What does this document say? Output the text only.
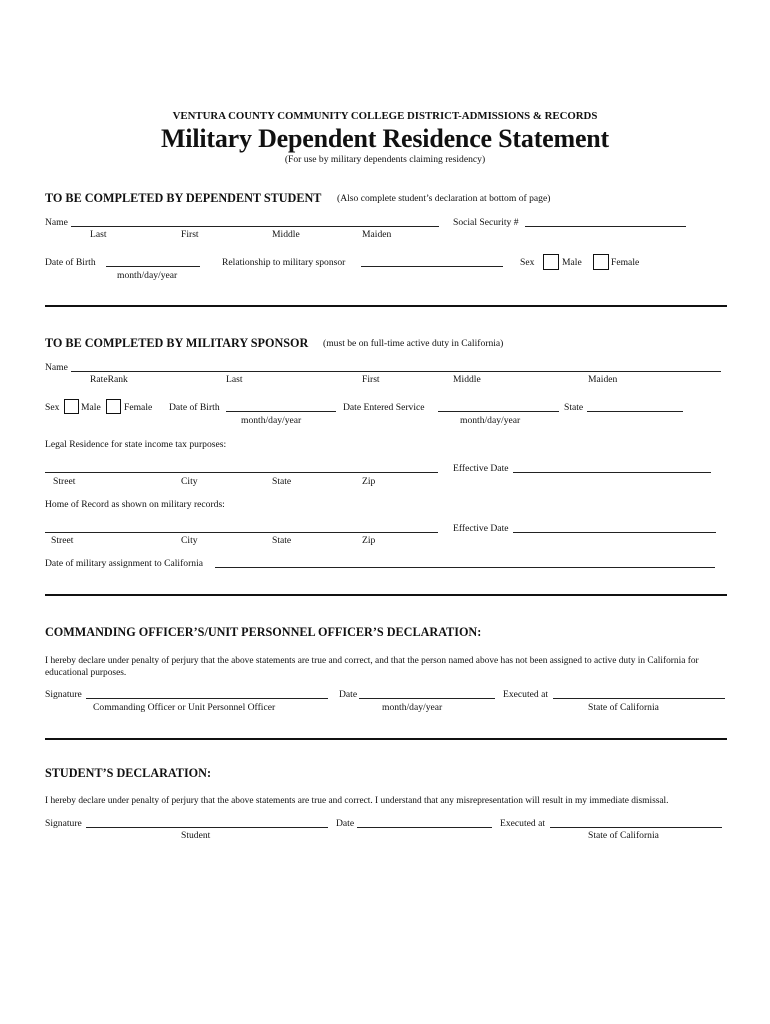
VENTURA COUNTY COMMUNITY COLLEGE DISTRICT-ADMISSIONS & RECORDS
Military Dependent Residence Statement
(For use by military dependents claiming residency)
TO BE COMPLETED BY DEPENDENT STUDENT (Also complete student’s declaration at bottom of page)
Name
Last	First	Middle	Maiden
Social Security #
Date of Birth
month/day/year
Relationship to military sponsor	Sex	Male	Female
TO BE COMPLETED BY MILITARY SPONSOR (must be on full-time active duty in California)
Name
RateRank	Last	First	Middle	Maiden
Sex Male Female Date of Birth
month/day/year
Date Entered Service
month/day/year
State
Legal Residence for state income tax purposes:
Effective Date
Street	City	State	Zip
Home of Record as shown on military records:
Effective Date
Street	City	State	Zip
Date of military assignment to California
COMMANDING OFFICER’S/UNIT PERSONNEL OFFICER’S DECLARATION:
I hereby declare under penalty of perjury that the above statements are true and correct, and that the person named above has not been assigned to active duty in California for educational purposes.
Signature
Commanding Officer or Unit Personnel Officer
Date
month/day/year
Executed at
State of California
STUDENT’S DECLARATION:
I hereby declare under penalty of perjury that the above statements are true and correct. I understand that any misrepresentation will result in my immediate dismissal.
Signature
Student
Date	Executed at
State of California
